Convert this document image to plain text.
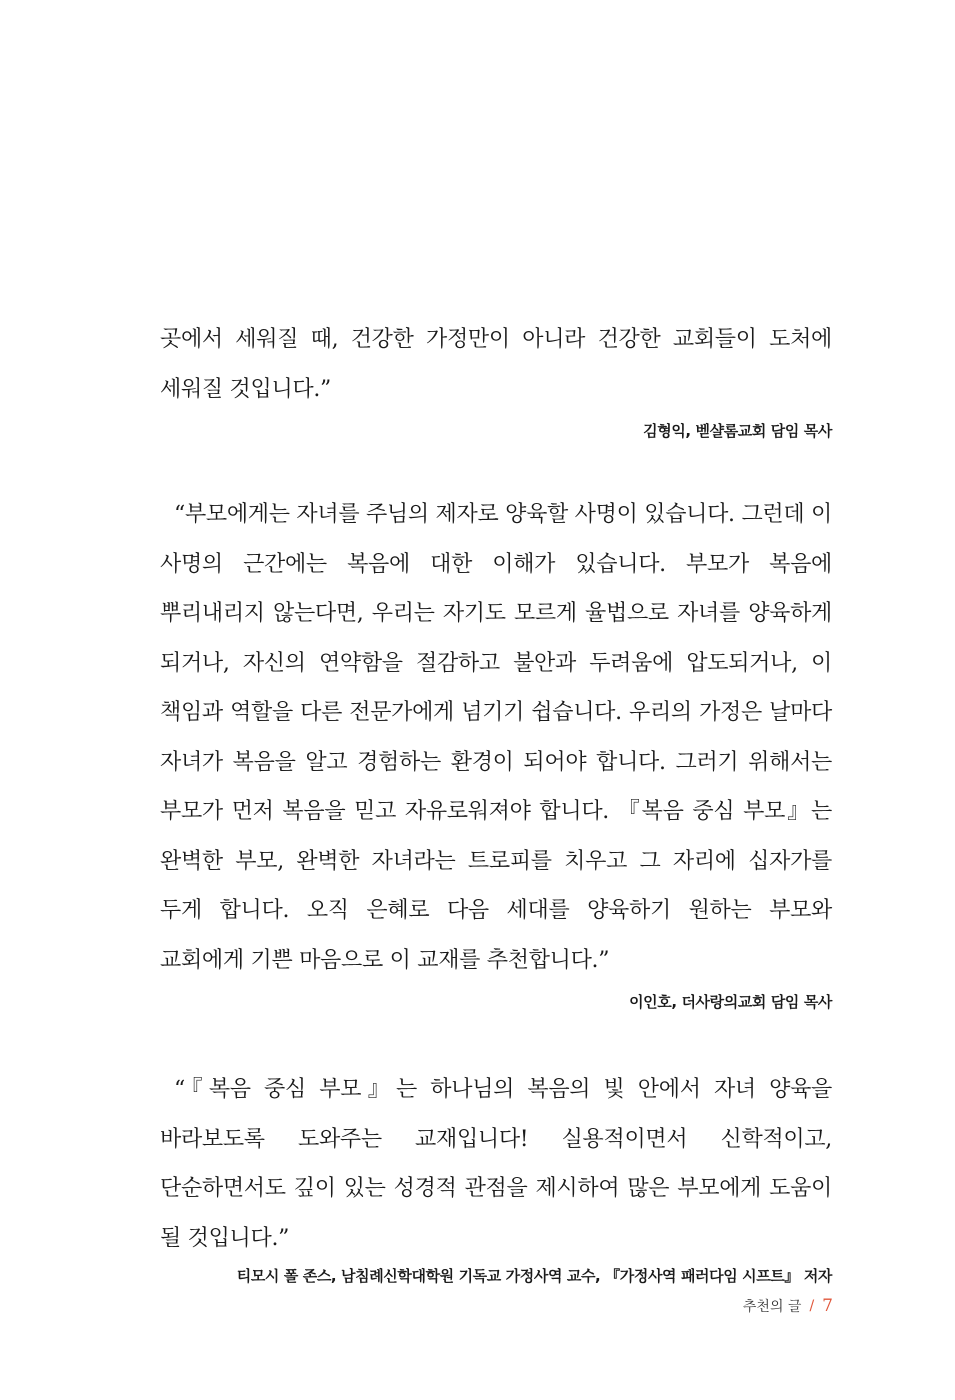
곳에서 세워질 때, 건강한 가정만이 아니라 건강한 교회들이 도처에 세워질 것입니다.”

김형익, 벧샬롬교회 담임 목사

“부모에게는 자녀를 주님의 제자로 양육할 사명이 있습니다. 그런데 이 사명의 근간에는 복음에 대한 이해가 있습니다. 부모가 복음에 뿌리내리지 않는다면, 우리는 자기도 모르게 율법으로 자녀를 양육하게 되거나, 자신의 연약함을 절감하고 불안과 두려움에 압도되거나, 이 책임과 역할을 다른 전문가에게 넘기기 쉽습니다. 우리의 가정은 날마다 자녀가 복음을 알고 경험하는 환경이 되어야 합니다. 그러기 위해서는 부모가 먼저 복음을 믿고 자유로워져야 합니다. 『복음 중심 부모』는 완벽한 부모, 완벽한 자녀라는 트로피를 치우고 그 자리에 십자가를 두게 합니다. 오직 은혜로 다음 세대를 양육하기 원하는 부모와 교회에게 기쁜 마음으로 이 교재를 추천합니다.”

이인호, 더사랑의교회 담임 목사

“『복음 중심 부모』는 하나님의 복음의 빛 안에서 자녀 양육을 바라보도록 도와주는 교재입니다! 실용적이면서 신학적이고, 단순하면서도 깊이 있는 성경적 관점을 제시하여 많은 부모에게 도움이 될 것입니다.”

티모시 폴 존스, 남침례신학대학원 기독교 가정사역 교수, 『가정사역 패러다임 시프트』 저자

추천의 글 / 7
